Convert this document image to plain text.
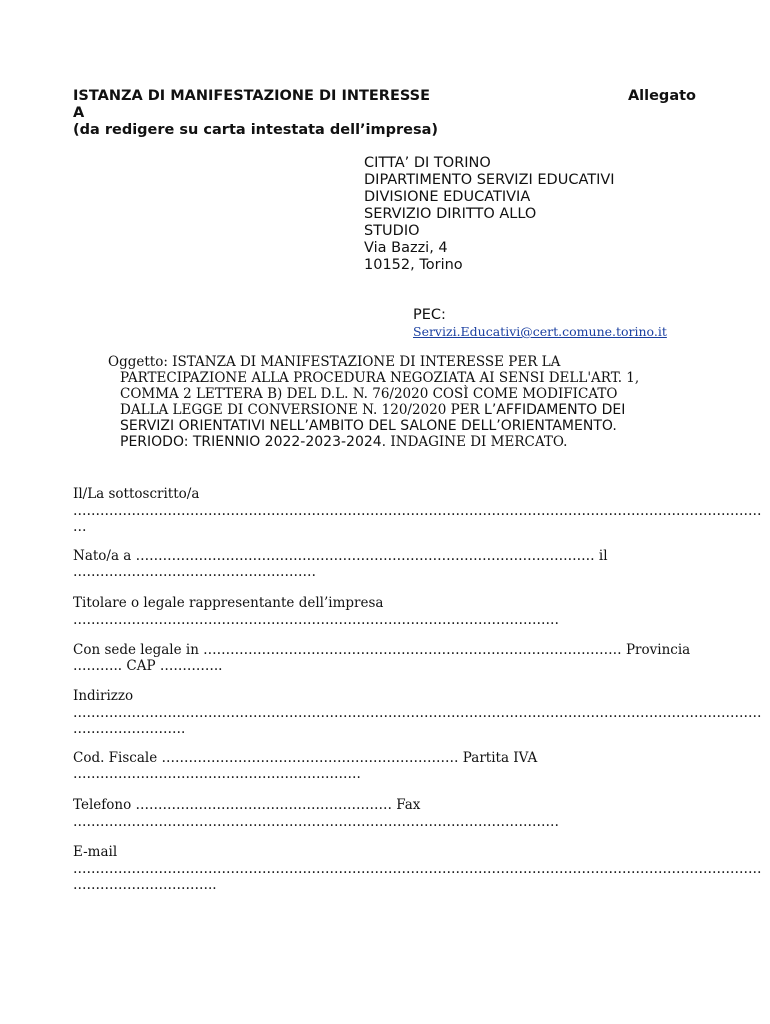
ISTANZA DI MANIFESTAZIONE DI INTERESSE	Allegato
A
(da redigere su carta intestata dell’impresa)
CITTA’ DI TORINO
DIPARTIMENTO SERVIZI EDUCATIVI
DIVISIONE EDUCATIVIA
SERVIZIO DIRITTO ALLO
STUDIO
Via Bazzi, 4
10152, Torino
PEC:
Servizi.Educativi@cert.comune.torino.it
Oggetto: ISTANZA DI MANIFESTAZIONE DI INTERESSE PER LA
PARTECIPAZIONE ALLA PROCEDURA NEGOZIATA AI SENSI DELL'ART. 1,
COMMA 2 LETTERA B) DEL D.L. N. 76/2020 COSÌ COME MODIFICATO
DALLA LEGGE DI CONVERSIONE N. 120/2020 PER L’AFFIDAMENTO DEI
SERVIZI ORIENTATIVI NELL’AMBITO DEL SALONE DELL’ORIENTAMENTO.
PERIODO: TRIENNIO 2022-2023-2024. INDAGINE DI MERCATO.
Il/La sottoscritto/a
………………………………………………………………………………………………………………………………………
…
Nato/a a ………………………………………………………………………………………… il
………………………………………………
Titolare o legale rappresentante dell’impresa
………………………………………………………………………………………………
Con sede legale in ………………………………………………………………………………… Provincia
……….. CAP …………..
Indirizzo
………………………………………………………………………………………………………………………………………
…………………….
Cod. Fiscale ………………………………………………………… Partita IVA
……………………………………………………….
Telefono ………………………………………………… Fax
………………………………………………………………………………………………
E-mail
………………………………………………………………………………………………………………………………………
…………………………..
